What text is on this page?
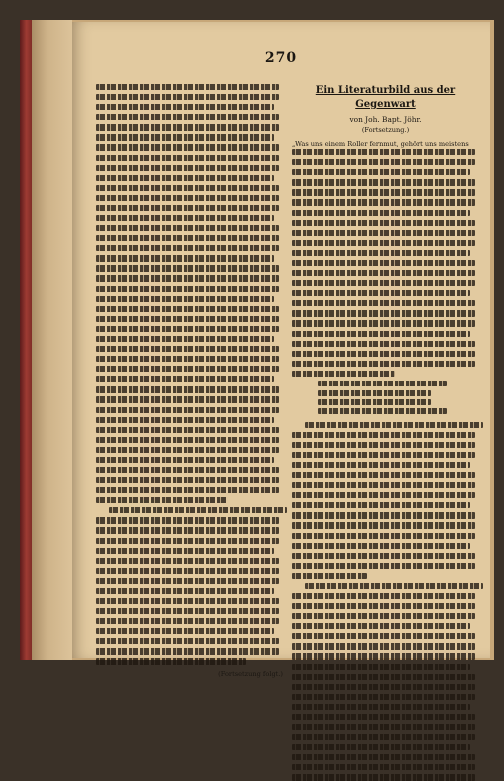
270
(Fortsetzung folgt.)
Ein Literaturbild aus der Gegenwart
von Joh. Bapt. Jöhr.
(Fortsetzung.)
„Was uns einem Roller fernmut, gehört uns meistens
